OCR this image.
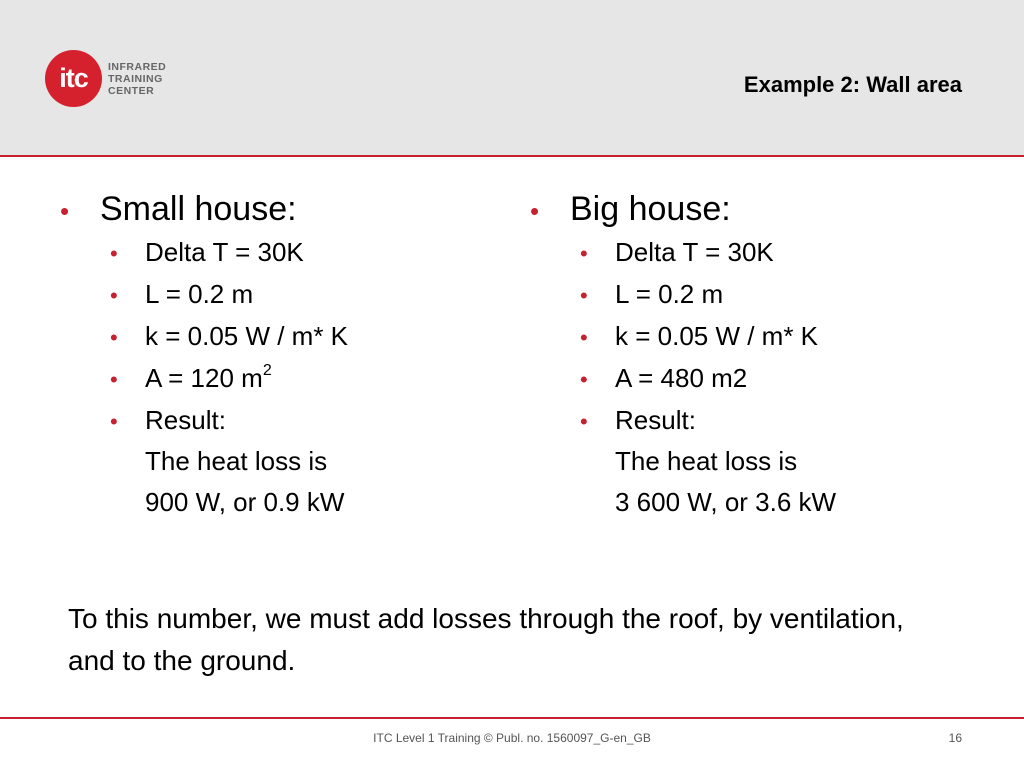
itc	INFRARED
TRAINING
CENTER	Example 2: Wall area
• Small house:
•	Delta T = 30K
•	L = 0.2 m
•	k = 0.05 W / m* K
•	A = 120 $m^2$
•	Result:
The heat loss is
900 W, or 0.9 kW
• Big house:
•	Delta T = 30K
•	L = 0.2 m
•	k = 0.05 W / m* K
•	A = 480 m2
•	Result:
The heat loss is
3 600 W, or 3.6 kW
To this number, we must add losses through the roof, by ventilation, and to the ground.
ITC Level 1 Training © Publ. no. 1560097_G-en_GB	16
